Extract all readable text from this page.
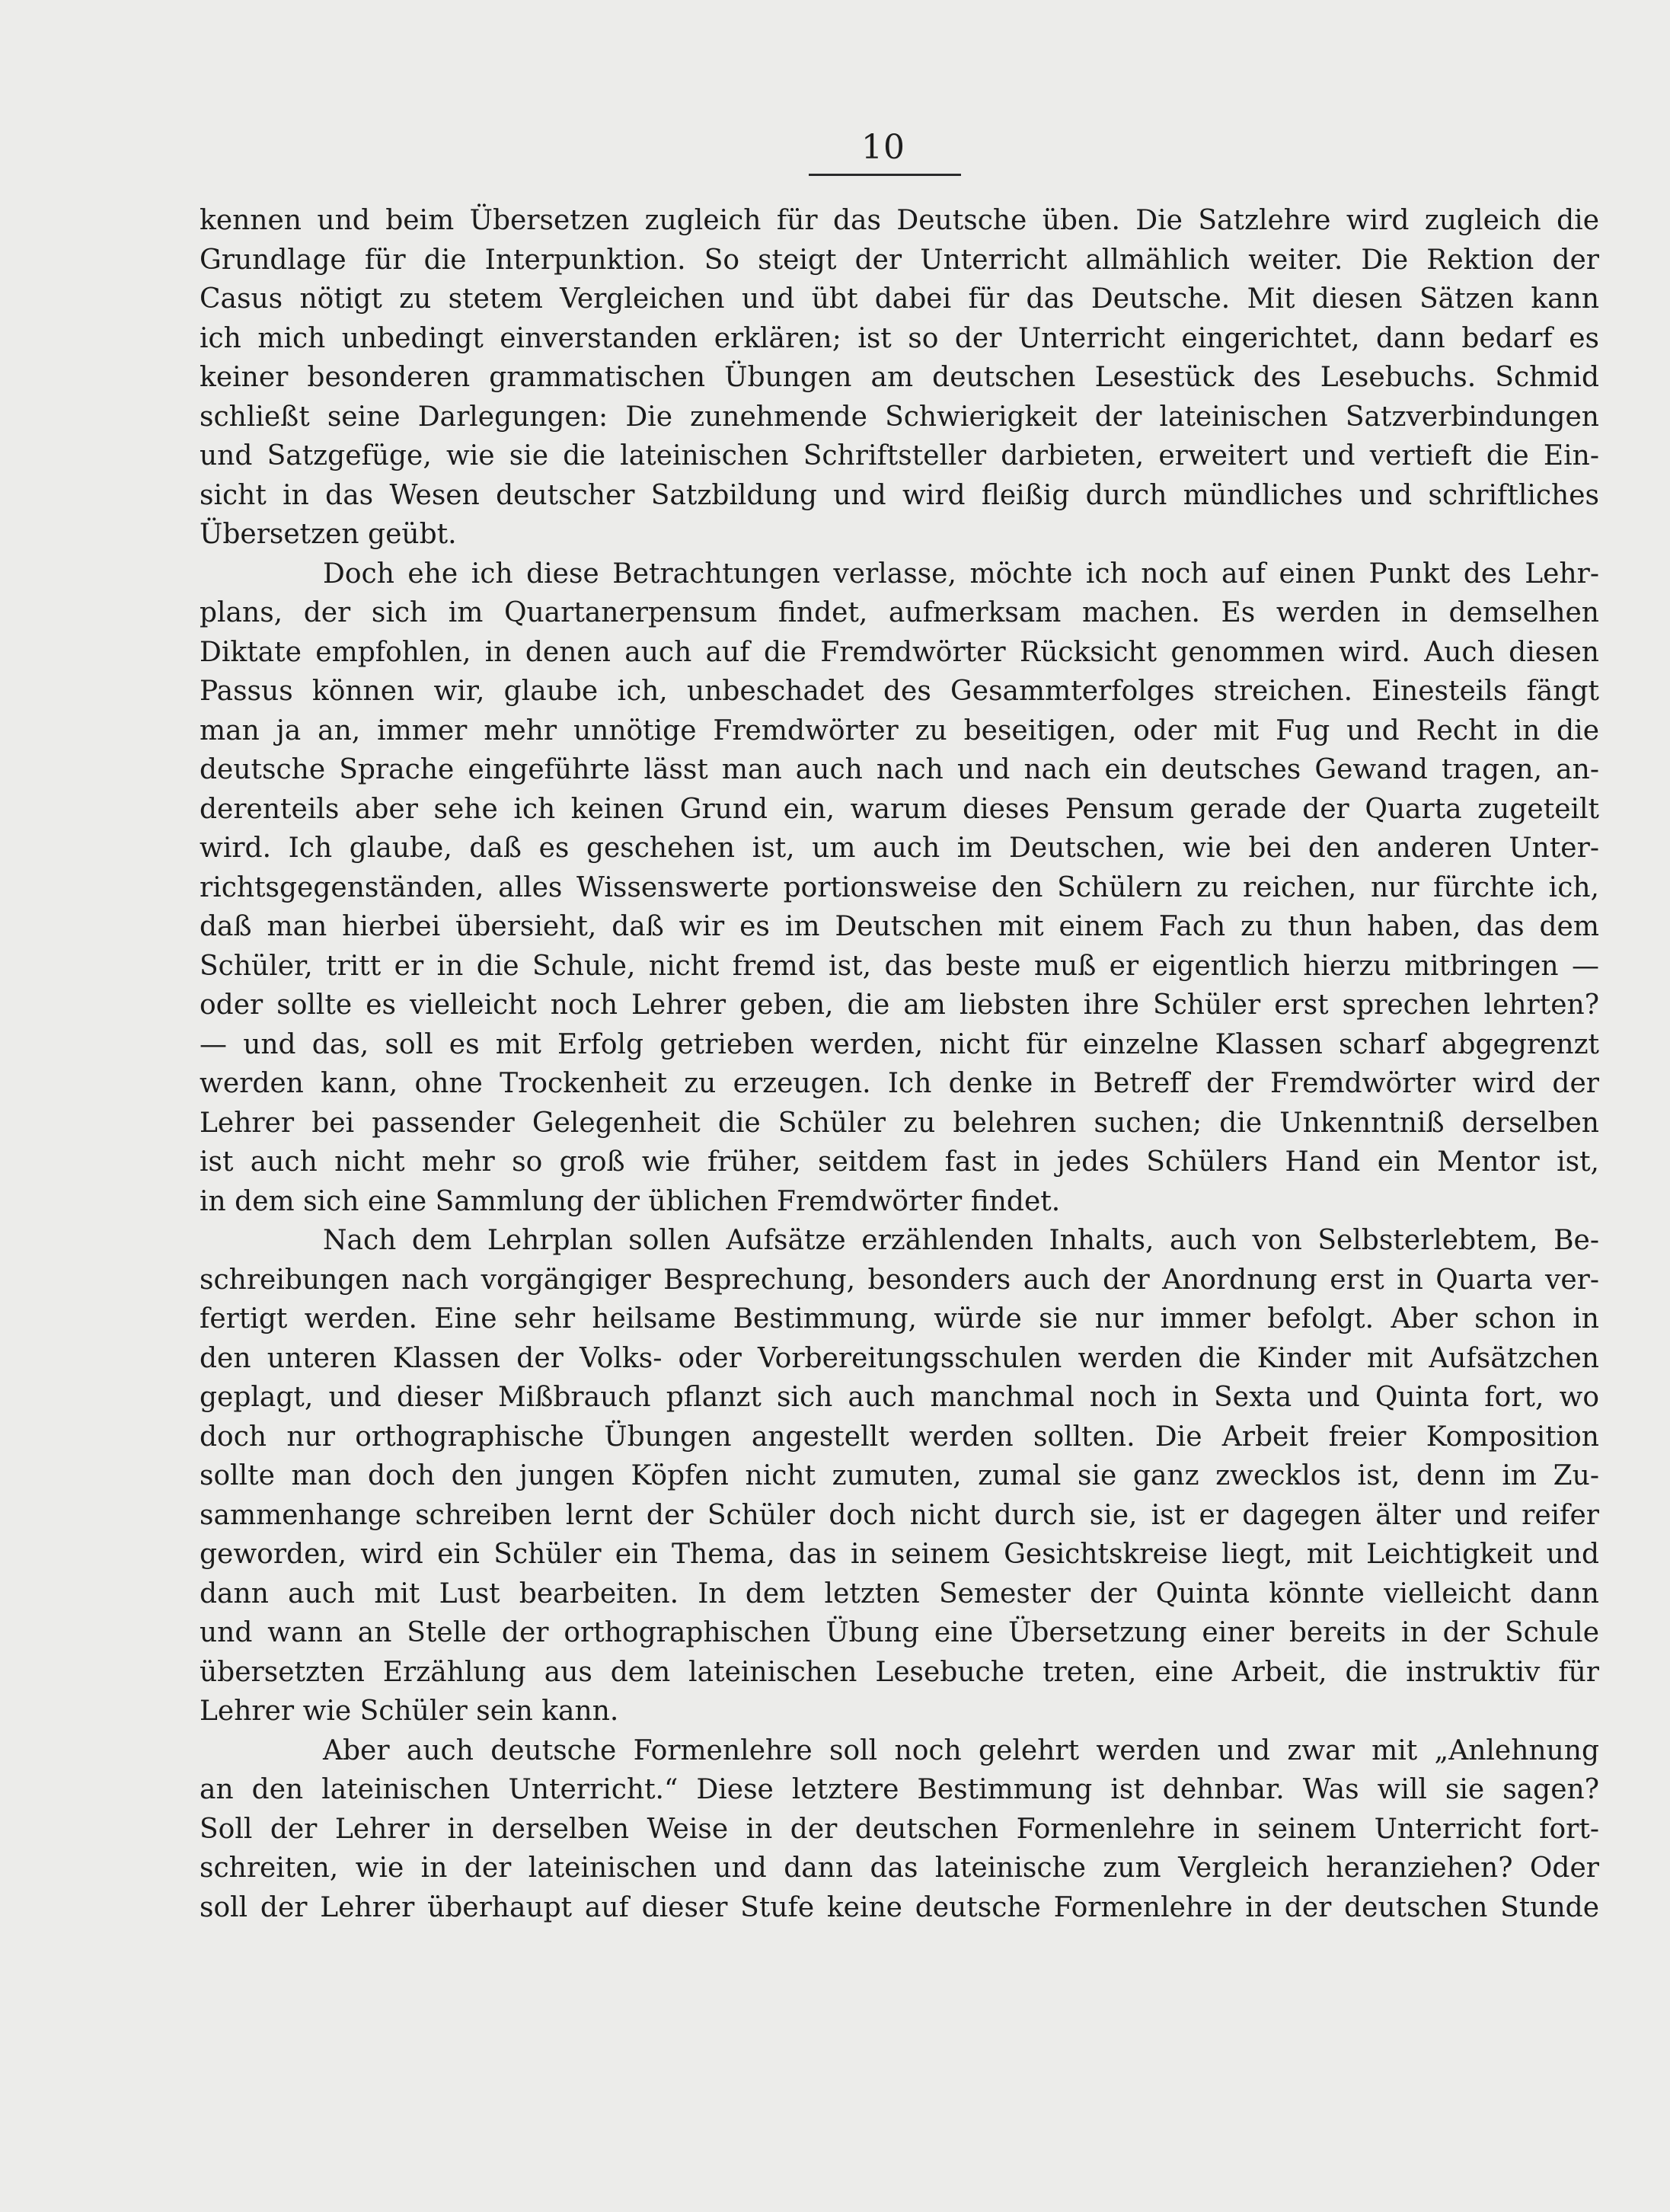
10
kennen und beim Übersetzen zugleich für das Deutsche üben. Die Satzlehre wird zugleich die
Grundlage für die Interpunktion. So steigt der Unterricht allmählich weiter. Die Rektion der
Casus nötigt zu stetem Vergleichen und übt dabei für das Deutsche. Mit diesen Sätzen kann
ich mich unbedingt einverstanden erklären; ist so der Unterricht eingerichtet, dann bedarf es
keiner besonderen grammatischen Übungen am deutschen Lesestück des Lesebuchs. Schmid
schließt seine Darlegungen: Die zunehmende Schwierigkeit der lateinischen Satzverbindungen
und Satzgefüge, wie sie die lateinischen Schriftsteller darbieten, erweitert und vertieft die Ein-
sicht in das Wesen deutscher Satzbildung und wird fleißig durch mündliches und schriftliches
Übersetzen geübt.
Doch ehe ich diese Betrachtungen verlasse, möchte ich noch auf einen Punkt des Lehr-
plans, der sich im Quartanerpensum findet, aufmerksam machen. Es werden in demselhen
Diktate empfohlen, in denen auch auf die Fremdwörter Rücksicht genommen wird. Auch diesen
Passus können wir, glaube ich, unbeschadet des Gesammterfolges streichen. Einesteils fängt
man ja an, immer mehr unnötige Fremdwörter zu beseitigen, oder mit Fug und Recht in die
deutsche Sprache eingeführte lässt man auch nach und nach ein deutsches Gewand tragen, an-
derenteils aber sehe ich keinen Grund ein, warum dieses Pensum gerade der Quarta zugeteilt
wird. Ich glaube, daß es geschehen ist, um auch im Deutschen, wie bei den anderen Unter-
richtsgegenständen, alles Wissenswerte portionsweise den Schülern zu reichen, nur fürchte ich,
daß man hierbei übersieht, daß wir es im Deutschen mit einem Fach zu thun haben, das dem
Schüler, tritt er in die Schule, nicht fremd ist, das beste muß er eigentlich hierzu mitbringen —
oder sollte es vielleicht noch Lehrer geben, die am liebsten ihre Schüler erst sprechen lehrten?
— und das, soll es mit Erfolg getrieben werden, nicht für einzelne Klassen scharf abgegrenzt
werden kann, ohne Trockenheit zu erzeugen. Ich denke in Betreff der Fremdwörter wird der
Lehrer bei passender Gelegenheit die Schüler zu belehren suchen; die Unkenntniß derselben
ist auch nicht mehr so groß wie früher, seitdem fast in jedes Schülers Hand ein Mentor ist,
in dem sich eine Sammlung der üblichen Fremdwörter findet.
Nach dem Lehrplan sollen Aufsätze erzählenden Inhalts, auch von Selbsterlebtem, Be-
schreibungen nach vorgängiger Besprechung, besonders auch der Anordnung erst in Quarta ver-
fertigt werden. Eine sehr heilsame Bestimmung, würde sie nur immer befolgt. Aber schon in
den unteren Klassen der Volks- oder Vorbereitungsschulen werden die Kinder mit Aufsätzchen
geplagt, und dieser Mißbrauch pflanzt sich auch manchmal noch in Sexta und Quinta fort, wo
doch nur orthographische Übungen angestellt werden sollten. Die Arbeit freier Komposition
sollte man doch den jungen Köpfen nicht zumuten, zumal sie ganz zwecklos ist, denn im Zu-
sammenhange schreiben lernt der Schüler doch nicht durch sie, ist er dagegen älter und reifer
geworden, wird ein Schüler ein Thema, das in seinem Gesichtskreise liegt, mit Leichtigkeit und
dann auch mit Lust bearbeiten. In dem letzten Semester der Quinta könnte vielleicht dann
und wann an Stelle der orthographischen Übung eine Übersetzung einer bereits in der Schule
übersetzten Erzählung aus dem lateinischen Lesebuche treten, eine Arbeit, die instruktiv für
Lehrer wie Schüler sein kann.
Aber auch deutsche Formenlehre soll noch gelehrt werden und zwar mit „Anlehnung
an den lateinischen Unterricht.“ Diese letztere Bestimmung ist dehnbar. Was will sie sagen?
Soll der Lehrer in derselben Weise in der deutschen Formenlehre in seinem Unterricht fort-
schreiten, wie in der lateinischen und dann das lateinische zum Vergleich heranziehen? Oder
soll der Lehrer überhaupt auf dieser Stufe keine deutsche Formenlehre in der deutschen Stunde
